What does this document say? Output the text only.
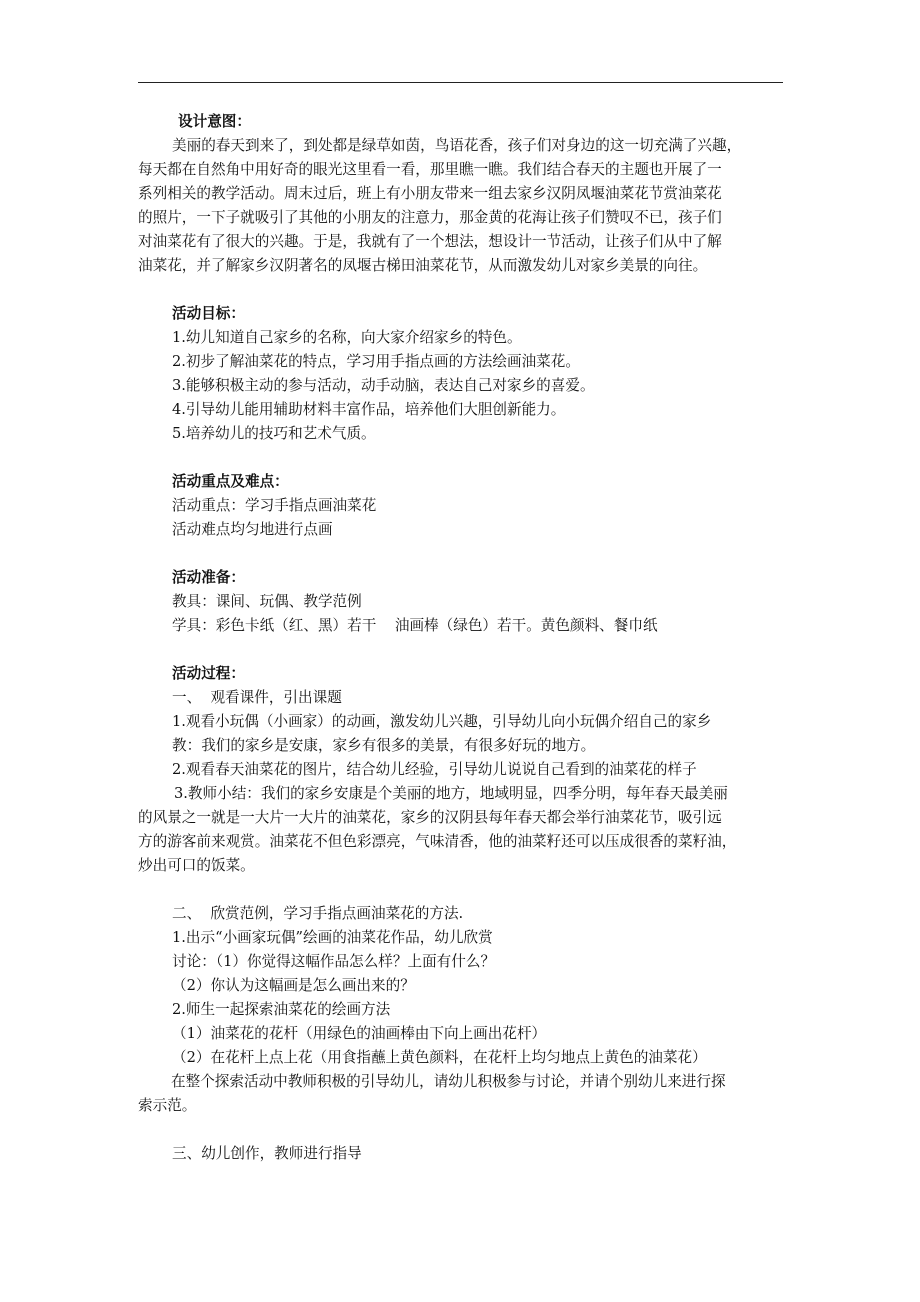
设计意图：
美丽的春天到来了，到处都是绿草如茵，鸟语花香，孩子们对身边的这一切充满了兴趣，
每天都在自然角中用好奇的眼光这里看一看，那里瞧一瞧。我们结合春天的主题也开展了一
系列相关的教学活动。周末过后，班上有小朋友带来一组去家乡汉阴凤堰油菜花节赏油菜花
的照片，一下子就吸引了其他的小朋友的注意力，那金黄的花海让孩子们赞叹不已，孩子们
对油菜花有了很大的兴趣。于是，我就有了一个想法，想设计一节活动，让孩子们从中了解
油菜花，并了解家乡汉阴著名的凤堰古梯田油菜花节，从而激发幼儿对家乡美景的向往。
活动目标：
1.幼儿知道自己家乡的名称，向大家介绍家乡的特色。
2.初步了解油菜花的特点，学习用手指点画的方法绘画油菜花。
3.能够积极主动的参与活动，动手动脑，表达自己对家乡的喜爱。
4.引导幼儿能用辅助材料丰富作品，培养他们大胆创新能力。
5.培养幼儿的技巧和艺术气质。
活动重点及难点：
活动重点：学习手指点画油菜花
活动难点均匀地进行点画
活动准备：
教具：课间、玩偶、教学范例
学具：彩色卡纸（红、黑）若干    油画棒（绿色）若干。黄色颜料、餐巾纸
活动过程：
一、  观看课件，引出课题
1.观看小玩偶（小画家）的动画，激发幼儿兴趣，引导幼儿向小玩偶介绍自己的家乡
教：我们的家乡是安康，家乡有很多的美景，有很多好玩的地方。
2.观看春天油菜花的图片，结合幼儿经验，引导幼儿说说自己看到的油菜花的样子
3.教师小结：我们的家乡安康是个美丽的地方，地域明显，四季分明，每年春天最美丽
的风景之一就是一大片一大片的油菜花，家乡的汉阴县每年春天都会举行油菜花节，吸引远
方的游客前来观赏。油菜花不但色彩漂亮，气味清香，他的油菜籽还可以压成很香的菜籽油，
炒出可口的饭菜。
二、  欣赏范例，学习手指点画油菜花的方法.
1.出示“小画家玩偶”绘画的油菜花作品，幼儿欣赏
讨论：（1）你觉得这幅作品怎么样？上面有什么？
（2）你认为这幅画是怎么画出来的？
2.师生一起探索油菜花的绘画方法
（1）油菜花的花杆（用绿色的油画棒由下向上画出花杆）
（2）在花杆上点上花（用食指蘸上黄色颜料，在花杆上均匀地点上黄色的油菜花）
在整个探索活动中教师积极的引导幼儿，请幼儿积极参与讨论，并请个别幼儿来进行探
索示范。
三、幼儿创作，教师进行指导
